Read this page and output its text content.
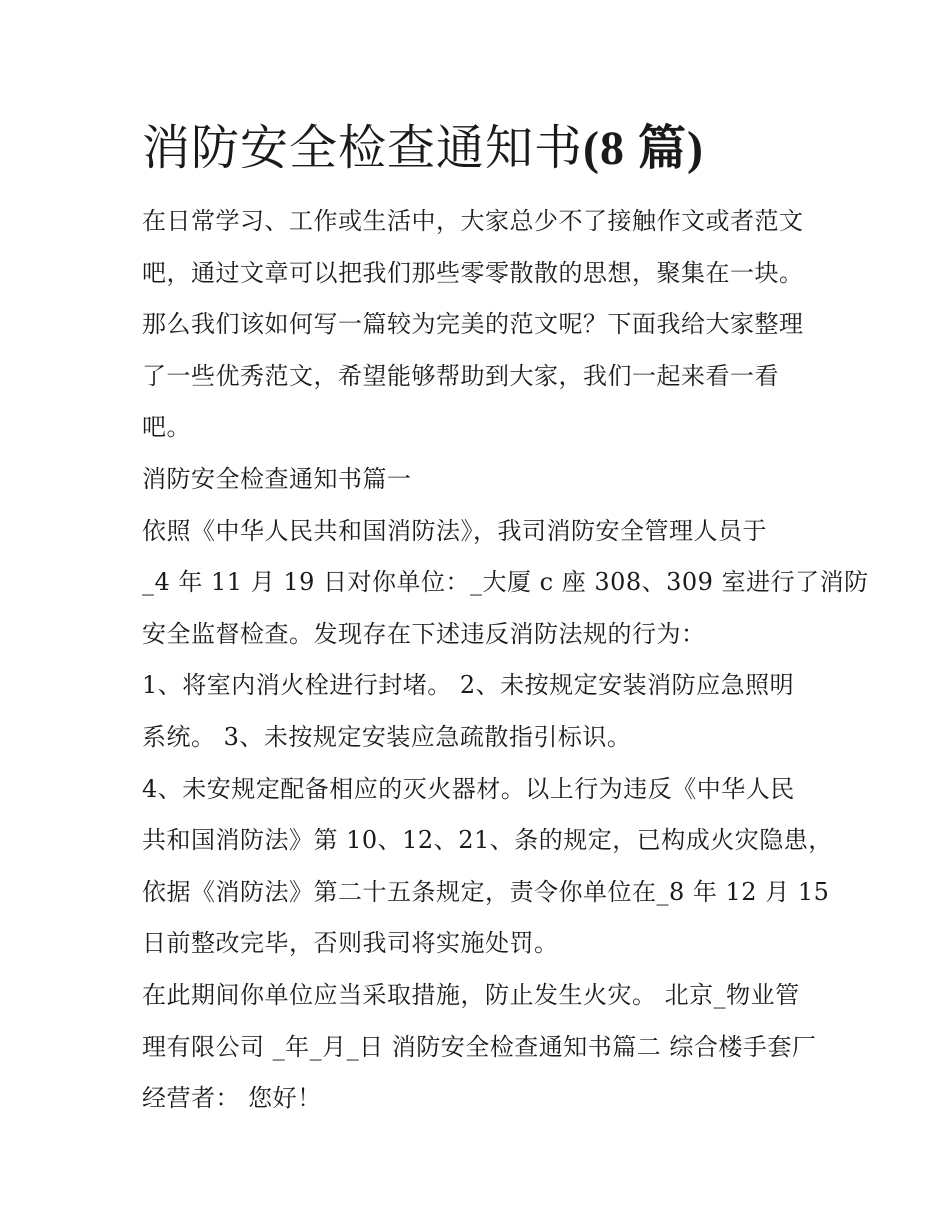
消防安全检查通知书(8 篇)
在日常学习、工作或生活中，大家总少不了接触作文或者范文
吧，通过文章可以把我们那些零零散散的思想，聚集在一块。
那么我们该如何写一篇较为完美的范文呢？下面我给大家整理
了一些优秀范文，希望能够帮助到大家，我们一起来看一看
吧。
消防安全检查通知书篇一
依照《中华人民共和国消防法》，我司消防安全管理人员于
_4 年 11 月 19 日对你单位：_大厦 c 座 308、309 室进行了消防
安全监督检查。发现存在下述违反消防法规的行为：
1、将室内消火栓进行封堵。 2、未按规定安装消防应急照明
系统。 3、未按规定安装应急疏散指引标识。
4、未安规定配备相应的灭火器材。以上行为违反《中华人民
共和国消防法》第 10、12、21、条的规定，已构成火灾隐患，
依据《消防法》第二十五条规定，责令你单位在_8 年 12 月 15
日前整改完毕，否则我司将实施处罚。
在此期间你单位应当采取措施，防止发生火灾。 北京_物业管
理有限公司 _年_月_日 消防安全检查通知书篇二 综合楼手套厂
经营者： 您好！
